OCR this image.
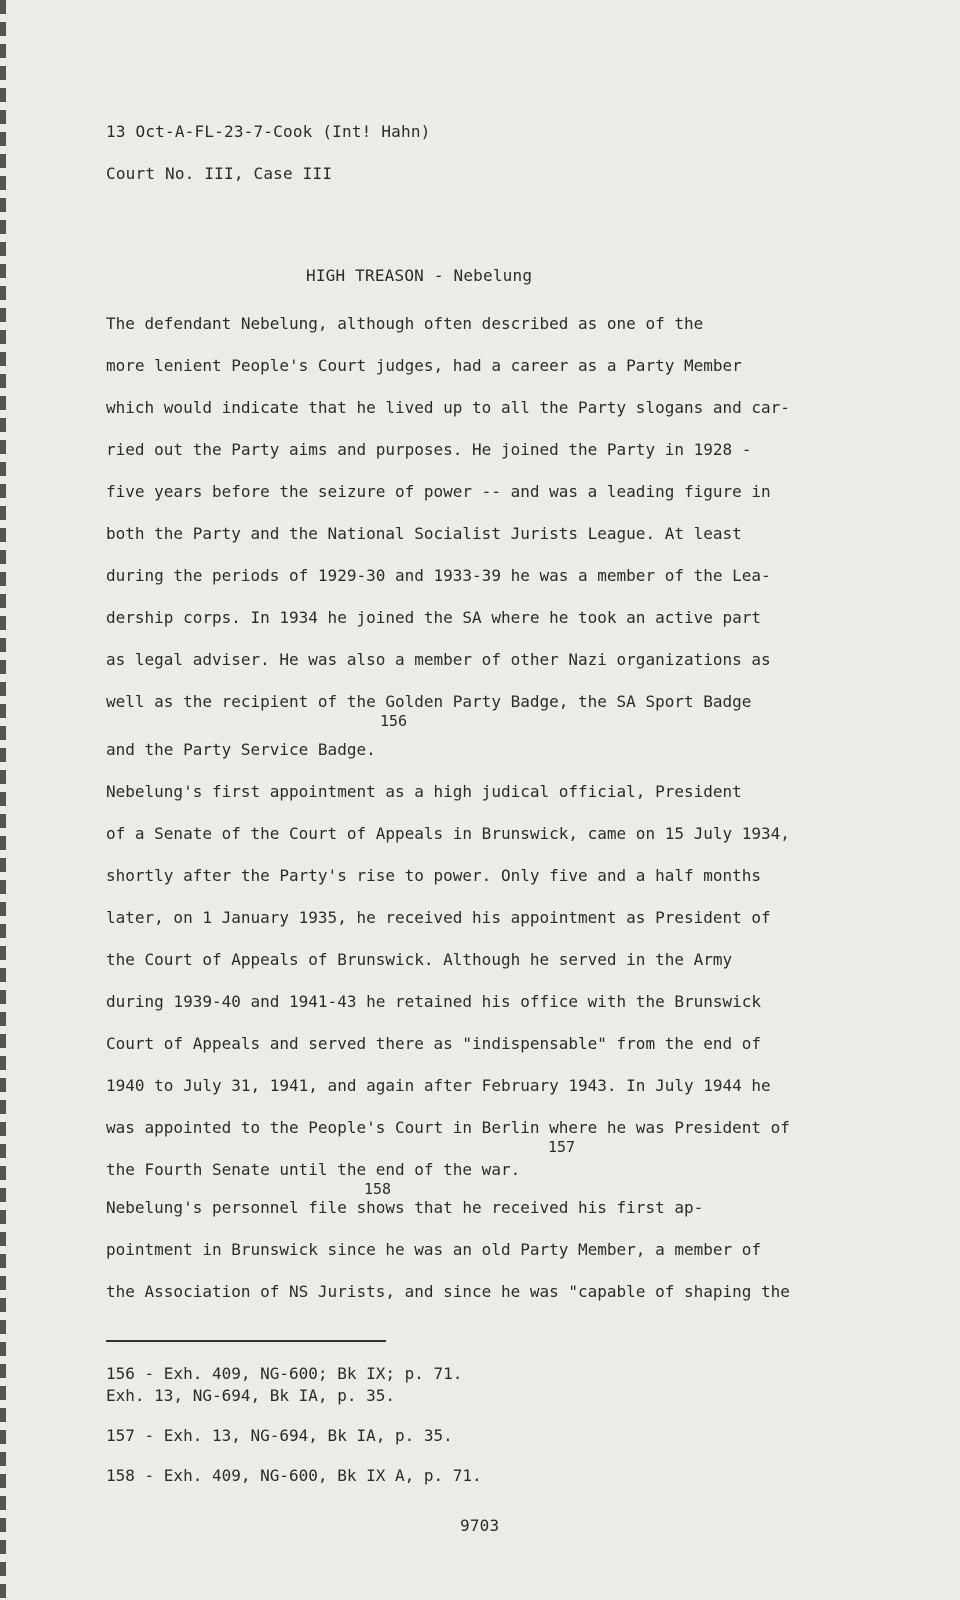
13 Oct-A-FL-23-7-Cook (Int! Hahn)
Court No. III, Case III
HIGH TREASON - Nebelung
The defendant Nebelung, although often described as one of the
more lenient People's Court judges, had a career as a Party Member
which would indicate that he lived up to all the Party slogans and car-
ried out the Party aims and purposes. He joined the Party in 1928 -
five years before the seizure of power -- and was a leading figure in
both the Party and the National Socialist Jurists League. At least
during the periods of 1929-30 and 1933-39 he was a member of the Lea-
dership corps. In 1934 he joined the SA where he took an active part
as legal adviser. He was also a member of other Nazi organizations as
well as the recipient of the Golden Party Badge, the SA Sport Badge
156
and the Party Service Badge.
Nebelung's first appointment as a high judical official, President
of a Senate of the Court of Appeals in Brunswick, came on 15 July 1934,
shortly after the Party's rise to power. Only five and a half months
later, on 1 January 1935, he received his appointment as President of
the Court of Appeals of Brunswick. Although he served in the Army
during 1939-40 and 1941-43 he retained his office with the Brunswick
Court of Appeals and served there as "indispensable" from the end of
1940 to July 31, 1941, and again after February 1943. In July 1944 he
was appointed to the People's Court in Berlin where he was President of
157
the Fourth Senate until the end of the war.
158
Nebelung's personnel file shows that he received his first ap-
pointment in Brunswick since he was an old Party Member, a member of
the Association of NS Jurists, and since he was "capable of shaping the
156 - Exh. 409, NG-600; Bk IX; p. 71.
Exh. 13, NG-694, Bk IA, p. 35.
157 - Exh. 13, NG-694, Bk IA, p. 35.
158 - Exh. 409, NG-600, Bk IX A, p. 71.
9703
